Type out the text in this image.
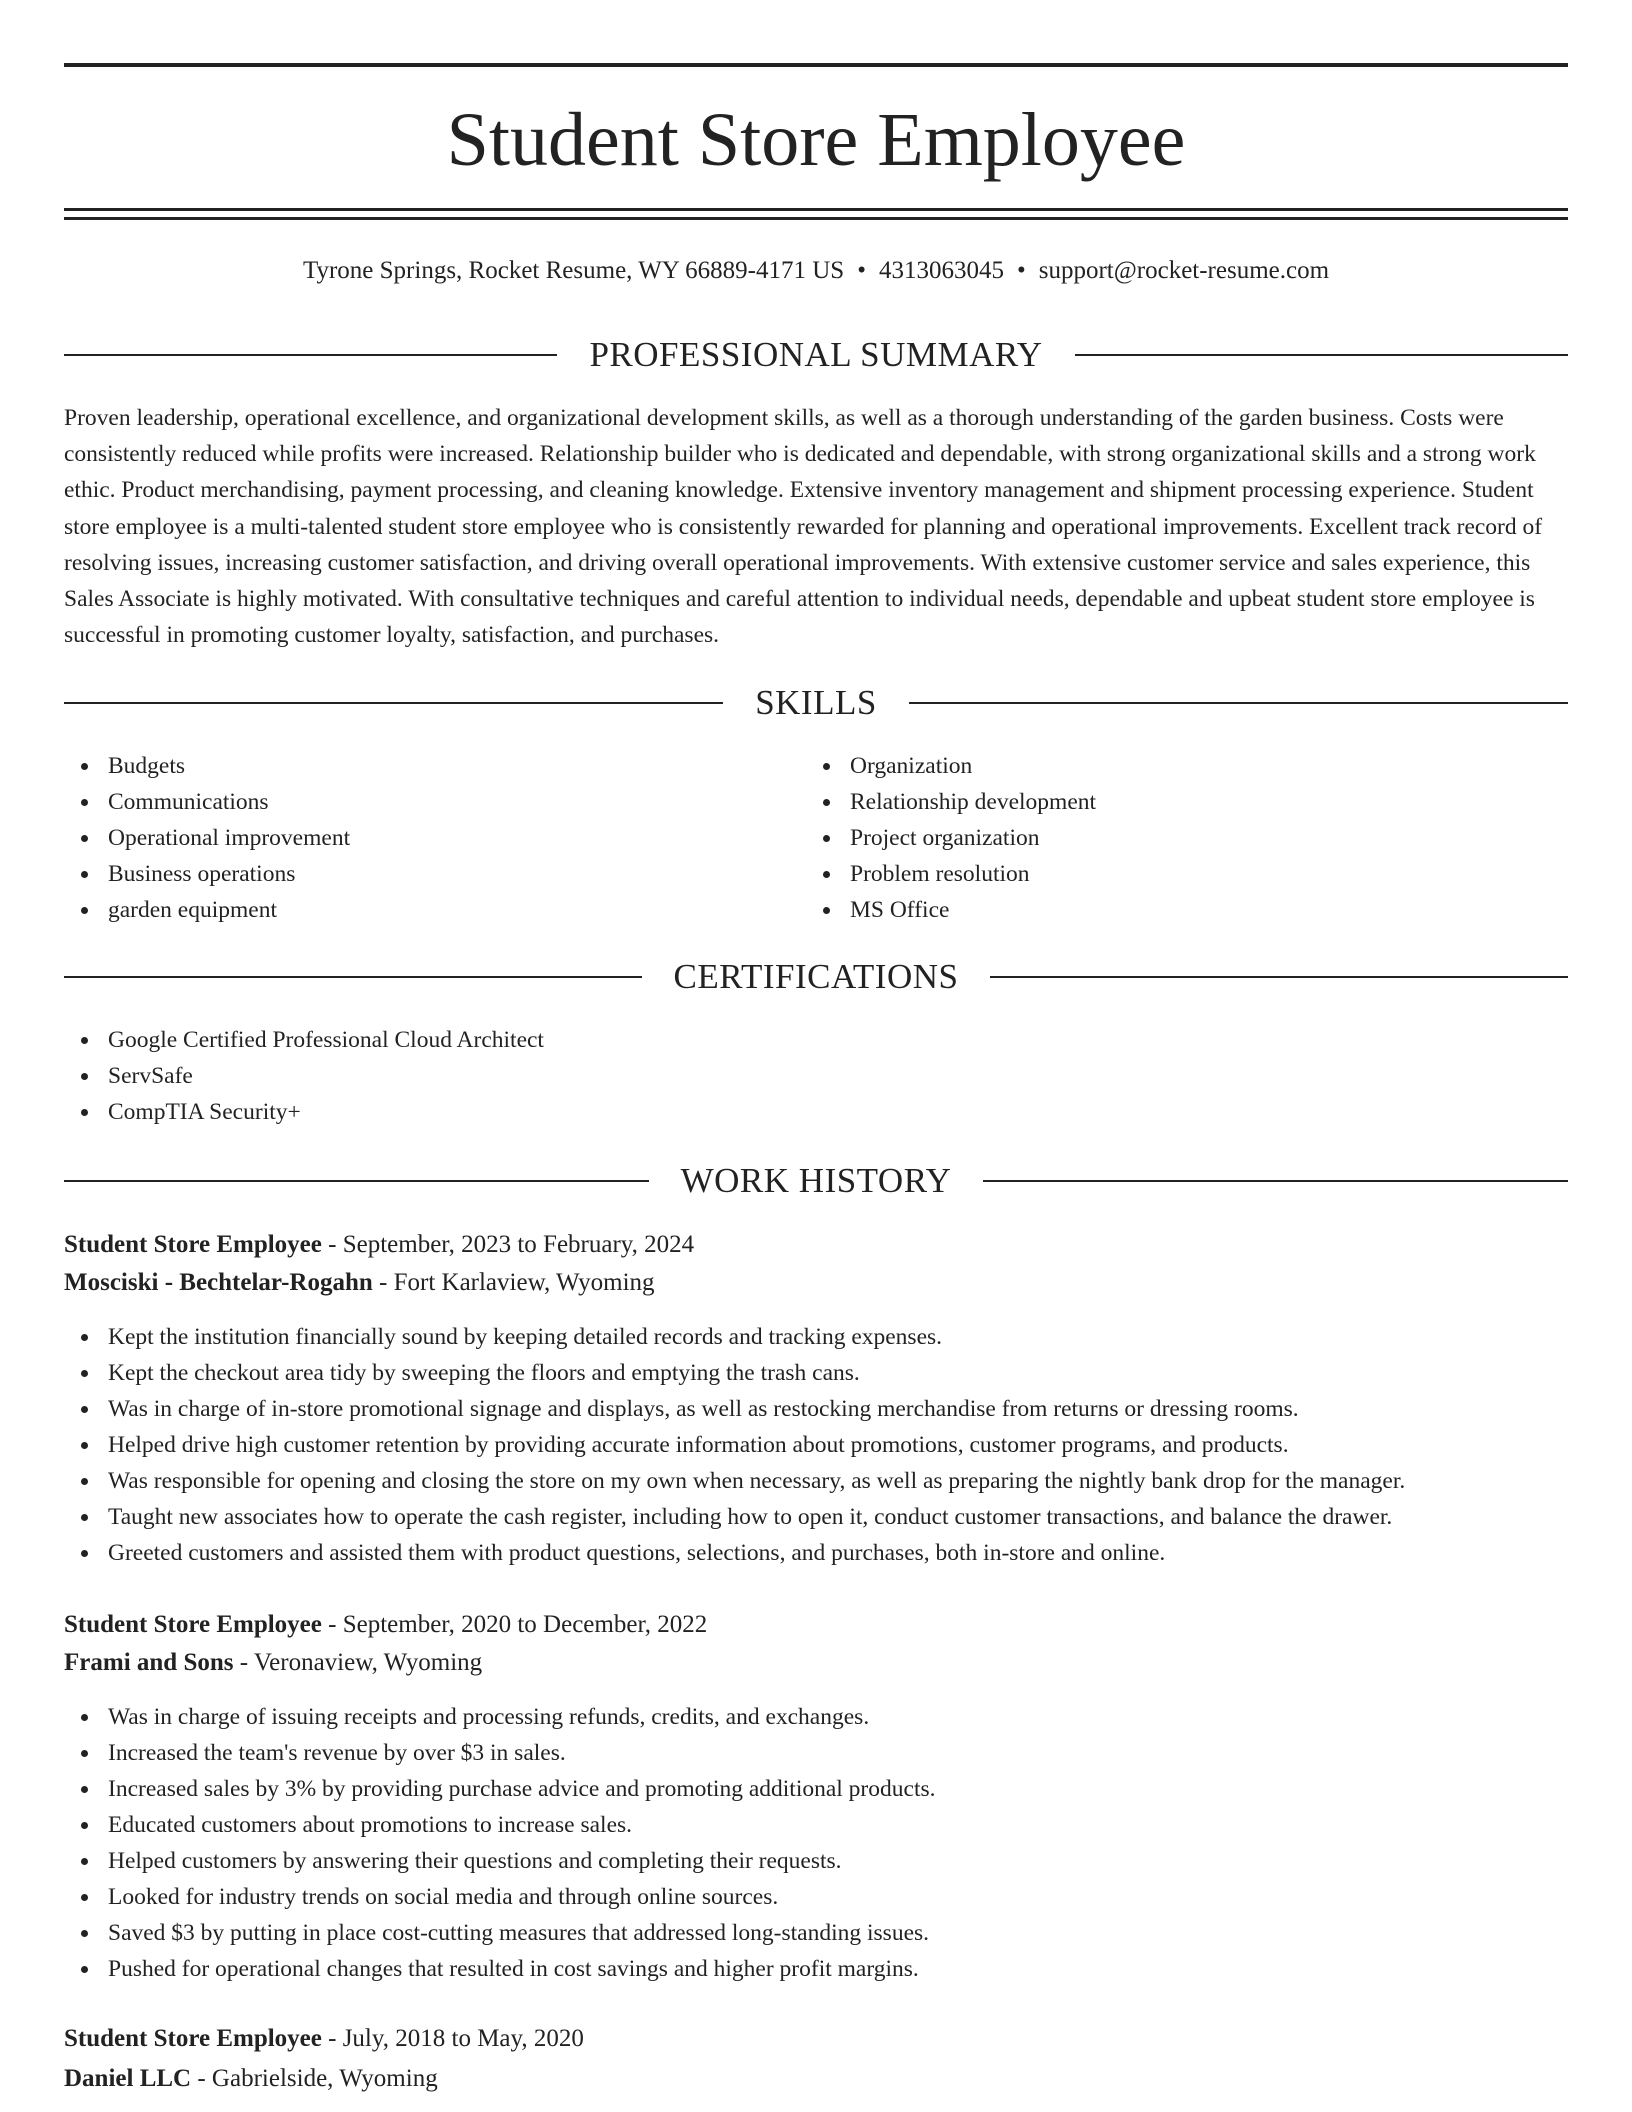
Student Store Employee
Tyrone Springs, Rocket Resume, WY 66889-4171 US • 4313063045 • support@rocket-resume.com
PROFESSIONAL SUMMARY

Proven leadership, operational excellence, and organizational development skills, as well as a thorough understanding of the garden business. Costs were consistently reduced while profits were increased. Relationship builder who is dedicated and dependable, with strong organizational skills and a strong work ethic. Product merchandising, payment processing, and cleaning knowledge. Extensive inventory management and shipment processing experience. Student store employee is a multi-talented student store employee who is consistently rewarded for planning and operational improvements. Excellent track record of resolving issues, increasing customer satisfaction, and driving overall operational improvements. With extensive customer service and sales experience, this Sales Associate is highly motivated. With consultative techniques and careful attention to individual needs, dependable and upbeat student store employee is successful in promoting customer loyalty, satisfaction, and purchases.

SKILLS
Budgets
Communications
Operational improvement
Business operations
garden equipment
Organization
Relationship development
Project organization
Problem resolution
MS Office
CERTIFICATIONS
Google Certified Professional Cloud Architect
ServSafe
CompTIA Security+
WORK HISTORY
Student Store Employee - September, 2023 to February, 2024
Mosciski - Bechtelar-Rogahn - Fort Karlaview, Wyoming
Kept the institution financially sound by keeping detailed records and tracking expenses.
Kept the checkout area tidy by sweeping the floors and emptying the trash cans.
Was in charge of in-store promotional signage and displays, as well as restocking merchandise from returns or dressing rooms.
Helped drive high customer retention by providing accurate information about promotions, customer programs, and products.
Was responsible for opening and closing the store on my own when necessary, as well as preparing the nightly bank drop for the manager.
Taught new associates how to operate the cash register, including how to open it, conduct customer transactions, and balance the drawer.
Greeted customers and assisted them with product questions, selections, and purchases, both in-store and online.
Student Store Employee - September, 2020 to December, 2022
Frami and Sons - Veronaview, Wyoming
Was in charge of issuing receipts and processing refunds, credits, and exchanges.
Increased the team's revenue by over $3 in sales.
Increased sales by 3% by providing purchase advice and promoting additional products.
Educated customers about promotions to increase sales.
Helped customers by answering their questions and completing their requests.
Looked for industry trends on social media and through online sources.
Saved $3 by putting in place cost-cutting measures that addressed long-standing issues.
Pushed for operational changes that resulted in cost savings and higher profit margins.
Student Store Employee - July, 2018 to May, 2020
Daniel LLC - Gabrielside, Wyoming
